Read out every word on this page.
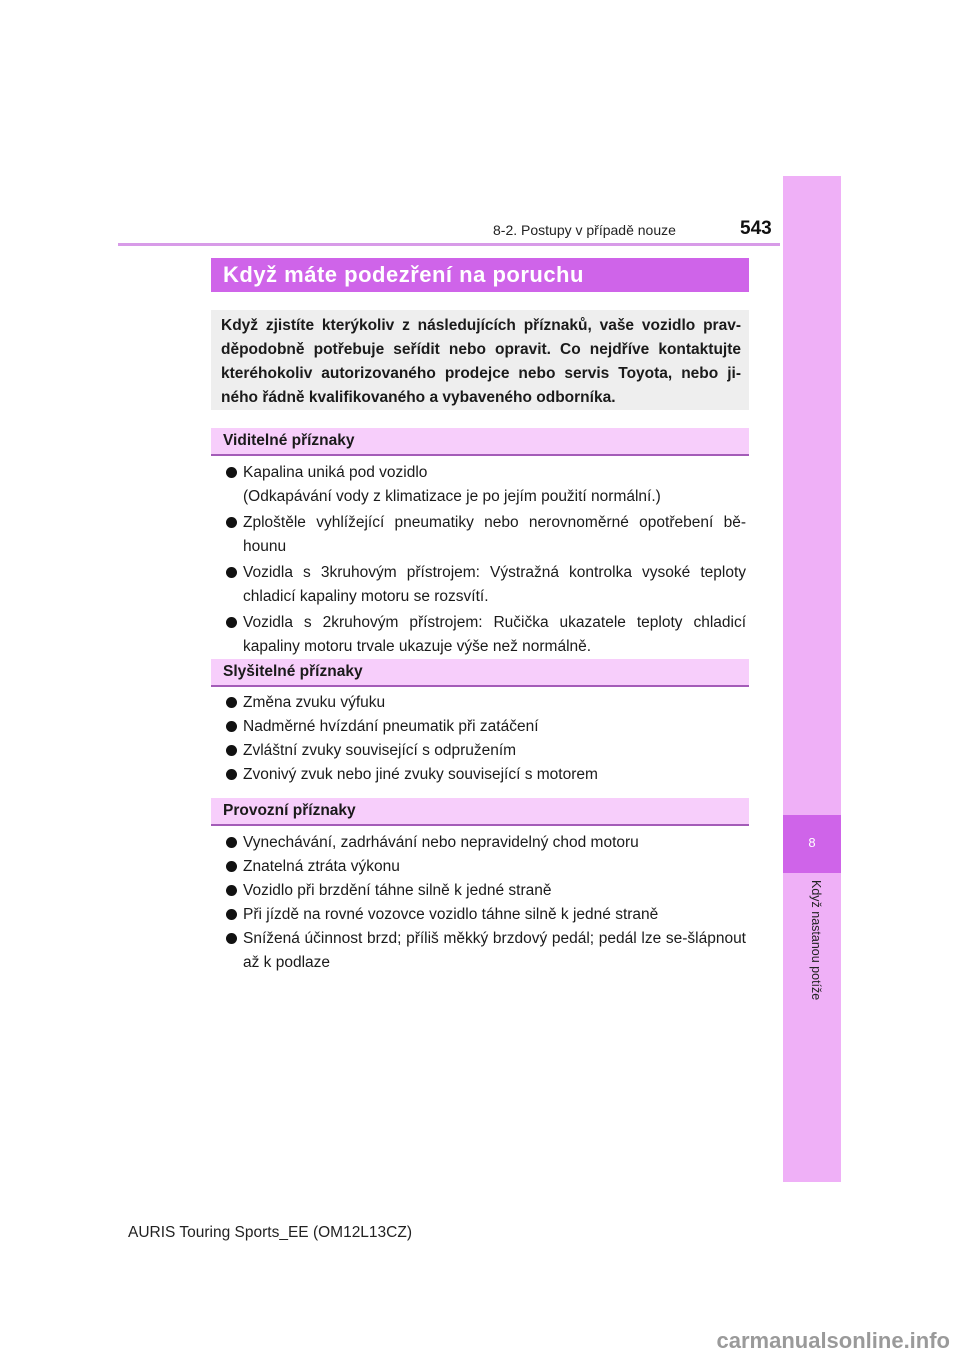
8-2. Postupy v případě nouze	543
8
Když nastanou potíže
Když máte podezření na poruchu
Když zjistíte kterýkoliv z následujících příznaků, vaše vozidlo prav-děpodobně potřebuje seřídit nebo opravit. Co nejdříve kontaktujte kteréhokoliv autorizovaného prodejce nebo servis Toyota, nebo ji-ného řádně kvalifikovaného a vybaveného odborníka.
Viditelné příznaky
Kapalina uniká pod vozidlo
(Odkapávání vody z klimatizace je po jejím použití normální.)
Zploštěle vyhlížející pneumatiky nebo nerovnoměrné opotřebení bě-hounu
Vozidla s 3kruhovým přístrojem: Výstražná kontrolka vysoké teploty chladicí kapaliny motoru se rozsvítí.
Vozidla s 2kruhovým přístrojem: Ručička ukazatele teploty chladicí kapaliny motoru trvale ukazuje výše než normálně.
Slyšitelné příznaky
Změna zvuku výfuku
Nadměrné hvízdání pneumatik při zatáčení
Zvláštní zvuky související s odpružením
Zvonivý zvuk nebo jiné zvuky související s motorem
Provozní příznaky
Vynechávání, zadrhávání nebo nepravidelný chod motoru
Znatelná ztráta výkonu
Vozidlo při brzdění táhne silně k jedné straně
Při jízdě na rovné vozovce vozidlo táhne silně k jedné straně
Snížená účinnost brzd; příliš měkký brzdový pedál; pedál lze se-šlápnout až k podlaze
AURIS Touring Sports_EE (OM12L13CZ)
carmanualsonline.info
